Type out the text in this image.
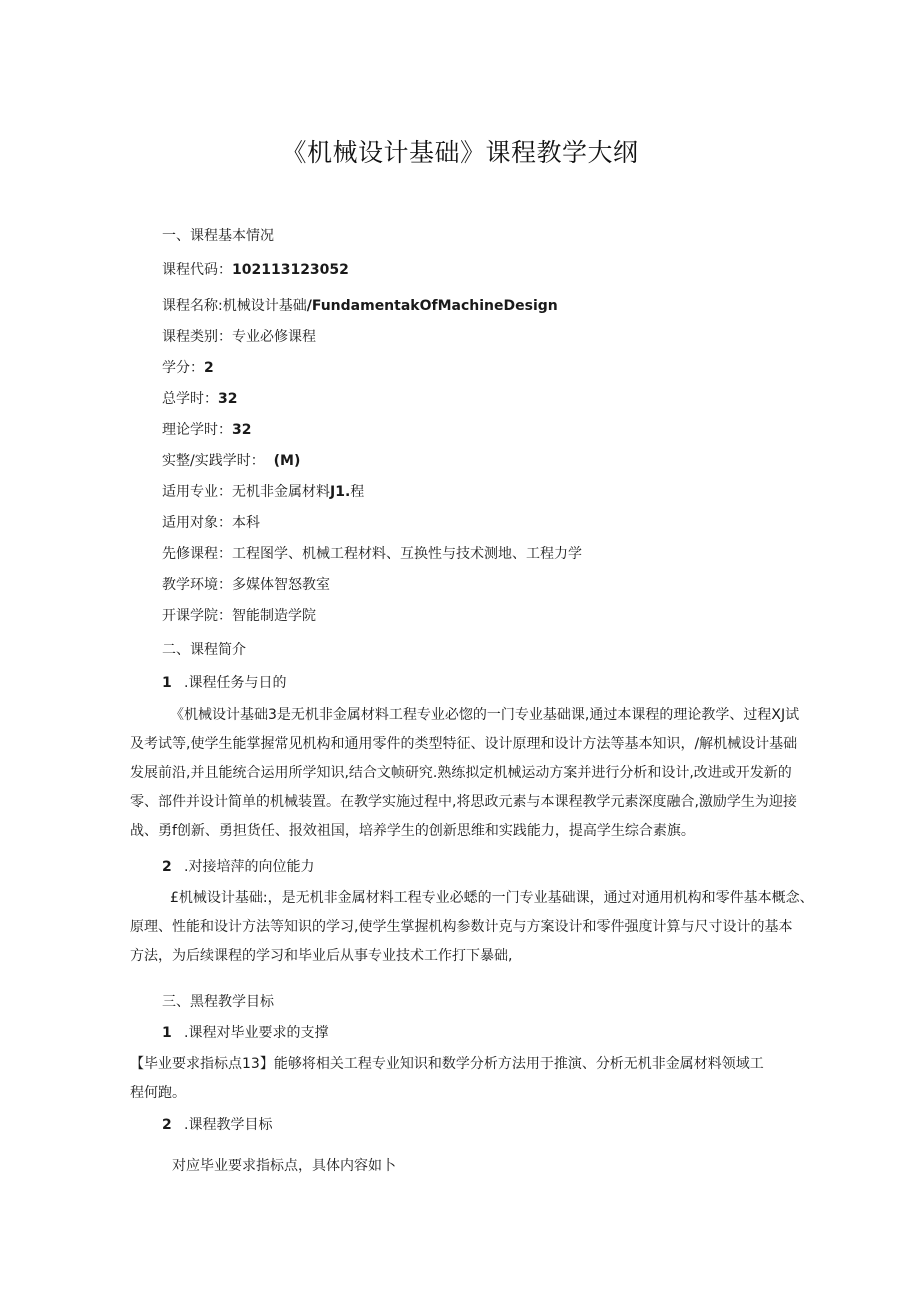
《机械设计基础》课程教学大纲
一、课程基本情况
课程代码：102113123052
课程名称:机械设计基础/FundamentakOfMachineDesign
课程类别：专业必修课程
学分：2
总学时：32
理论学时：32
实整/实践学时： (M)
适用专业：无机非金属材料J1.程
适用对象：本科
先修课程：工程图学、机械工程材料、互换性与技术测地、工程力学
教学环境：多媒体智怒教室
开课学院：智能制造学院
二、课程简介
1 .课程任务与日的
《机械设计基础3是无机非金属材料工程专业必惚的一门专业基础课,通过本课程的理论教学、过程XJ试
及考试等,使学生能掌握常见机构和通用零件的类型特征、设计原理和设计方法等基本知识，/解机械设计基础
发展前沿,并且能统合运用所学知识,结合文帧研究.熟练拟定机械运动方案并进行分析和设计,改进或开发新的
零、部件并设计简单的机械装置。在教学实施过程中,将思政元素与本课程教学元素深度融合,激励学生为迎接
战、勇f创新、勇担货任、报效祖国，培养学生的创新思维和实践能力，提高学生综合素旗。
2 .对接培萍的向位能力
£机械设计基础:，是无机非金属材料工程专业必蟋的一门专业基础课，通过对通用机构和零件基本概念、
原理、性能和设计方法等知识的学习,使学生掌握机构参数计克与方案设计和零件强度计算与尺寸设计的基本
方法，为后续课程的学习和毕业后从事专业技术工作打下暴础,
三、黑程教学目标
1 .课程对毕业要求的支撑
【毕业要求指标点13】能够将相关工程专业知识和数学分析方法用于推演、分析无机非金属材料领域工
程何跑。
2 .课程教学目标
对应毕业要求指标点，具体内容如卜
